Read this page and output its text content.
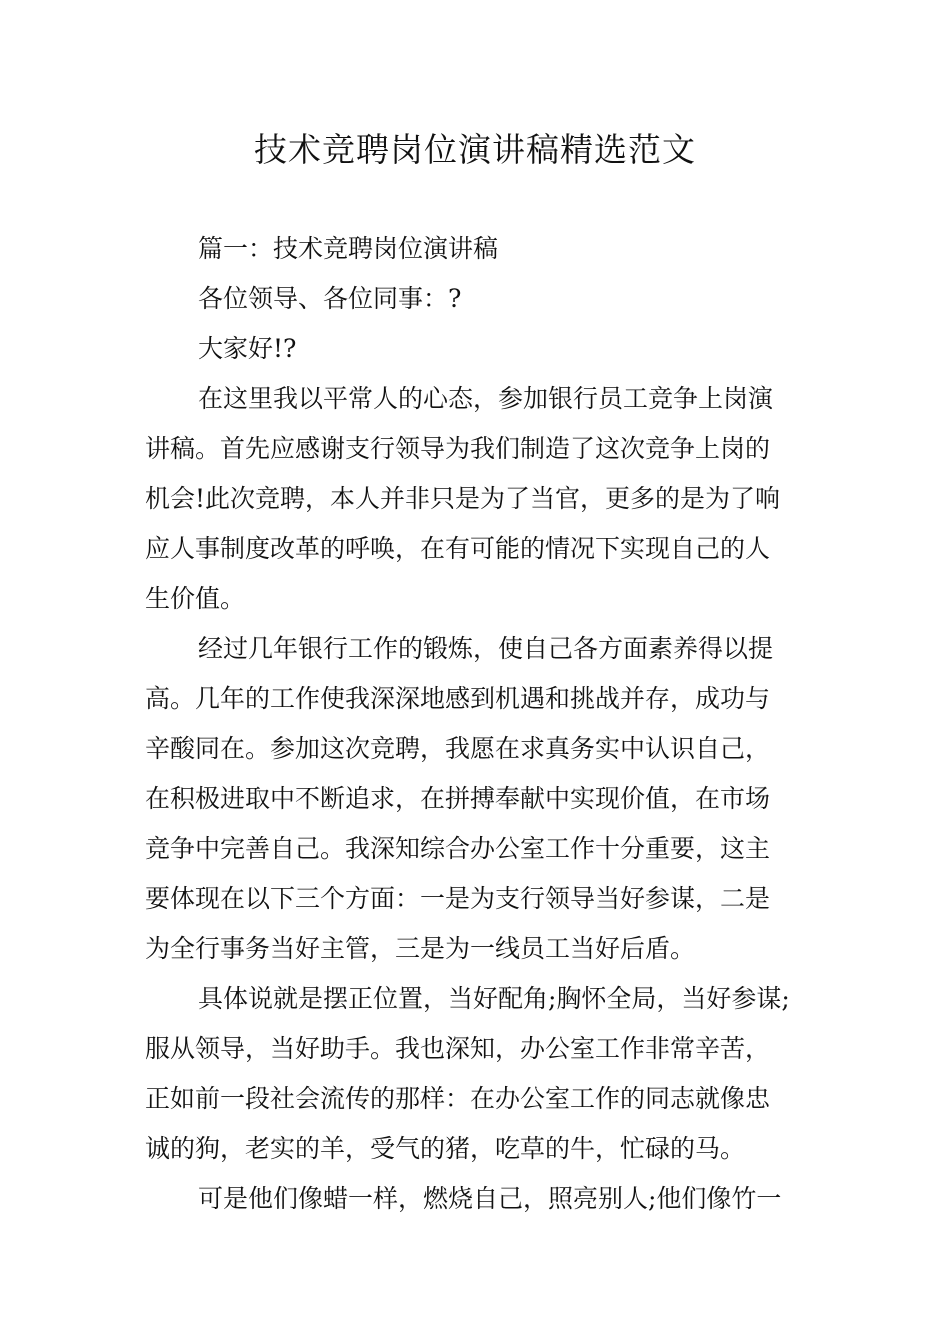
技术竞聘岗位演讲稿精选范文
篇一：技术竞聘岗位演讲稿
各位领导、各位同事：?
大家好!?
在这里我以平常人的心态，参加银行员工竞争上岗演
讲稿。首先应感谢支行领导为我们制造了这次竞争上岗的
机会!此次竞聘，本人并非只是为了当官，更多的是为了响
应人事制度改革的呼唤，在有可能的情况下实现自己的人
生价值。
经过几年银行工作的锻炼，使自己各方面素养得以提
高。几年的工作使我深深地感到机遇和挑战并存，成功与
辛酸同在。参加这次竞聘，我愿在求真务实中认识自己，
在积极进取中不断追求，在拼搏奉献中实现价值，在市场
竞争中完善自己。我深知综合办公室工作十分重要，这主
要体现在以下三个方面：一是为支行领导当好参谋，二是
为全行事务当好主管，三是为一线员工当好后盾。
具体说就是摆正位置，当好配角;胸怀全局，当好参谋;
服从领导，当好助手。我也深知，办公室工作非常辛苦，
正如前一段社会流传的那样：在办公室工作的同志就像忠
诚的狗，老实的羊，受气的猪，吃草的牛，忙碌的马。
可是他们像蜡一样，燃烧自己，照亮别人;他们像竹一
